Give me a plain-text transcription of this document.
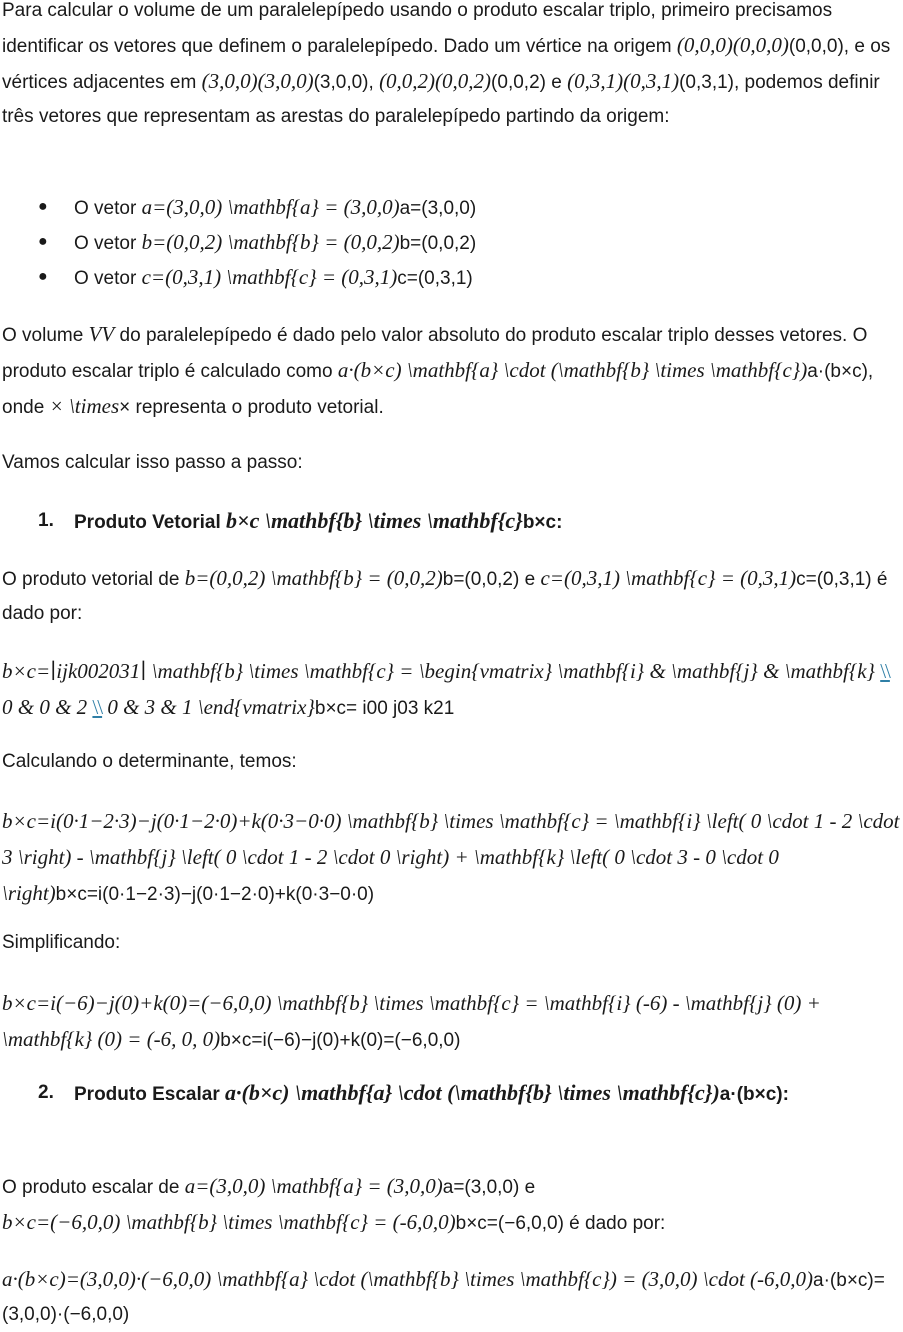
Para calcular o volume de um paralelepípedo usando o produto escalar triplo, primeiro precisamos identificar os vetores que definem o paralelepípedo. Dado um vértice na origem (0,0,0)(0,0,0)(0,0,0), e os vértices adjacentes em (3,0,0)(3,0,0)(3,0,0), (0,0,2)(0,0,2)(0,0,2) e (0,3,1)(0,3,1)(0,3,1), podemos definir três vetores que representam as arestas do paralelepípedo partindo da origem:

● O vetor a=(3,0,0) \mathbf{a} = (3,0,0)a=(3,0,0)
● O vetor b=(0,0,2) \mathbf{b} = (0,0,2)b=(0,0,2)
● O vetor c=(0,3,1) \mathbf{c} = (0,3,1)c=(0,3,1)

O volume VV do paralelepípedo é dado pelo valor absoluto do produto escalar triplo desses vetores. O produto escalar triplo é calculado como a·(b×c) \mathbf{a} \cdot (\mathbf{b} \times \mathbf{c})a·(b×c), onde × \times× representa o produto vetorial.

Vamos calcular isso passo a passo:

1. Produto Vetorial b×c \mathbf{b} \times \mathbf{c}b×c:

O produto vetorial de b=(0,0,2) \mathbf{b} = (0,0,2)b=(0,0,2) e c=(0,3,1) \mathbf{c} = (0,3,1)c=(0,3,1) é dado por:

b×c=∣ijk002031∣ \mathbf{b} \times \mathbf{c} = \begin{vmatrix} \mathbf{i} & \mathbf{j} & \mathbf{k} \\ 0 & 0 & 2 \\ 0 & 3 & 1 \end{vmatrix}b×c= i00 j03 k21

Calculando o determinante, temos:

b×c=i(0·1−2·3)−j(0·1−2·0)+k(0·3−0·0) \mathbf{b} \times \mathbf{c} = \mathbf{i} \left( 0 \cdot 1 - 2 \cdot 3 \right) - \mathbf{j} \left( 0 \cdot 1 - 2 \cdot 0 \right) + \mathbf{k} \left( 0 \cdot 3 - 0 \cdot 0 \right)b×c=i(0·1−2·3)−j(0·1−2·0)+k(0·3−0·0)

Simplificando:

b×c=i(−6)−j(0)+k(0)=(−6,0,0) \mathbf{b} \times \mathbf{c} = \mathbf{i} (-6) - \mathbf{j} (0) + \mathbf{k} (0) = (-6, 0, 0)b×c=i(−6)−j(0)+k(0)=(−6,0,0)

2. Produto Escalar a·(b×c) \mathbf{a} \cdot (\mathbf{b} \times \mathbf{c})a·(b×c):

O produto escalar de a=(3,0,0) \mathbf{a} = (3,0,0)a=(3,0,0) e
b×c=(−6,0,0) \mathbf{b} \times \mathbf{c} = (-6,0,0)b×c=(−6,0,0) é dado por:

a·(b×c)=(3,0,0)·(−6,0,0) \mathbf{a} \cdot (\mathbf{b} \times \mathbf{c}) = (3,0,0) \cdot (-6,0,0)a·(b×c)=(3,0,0)·(−6,0,0)
